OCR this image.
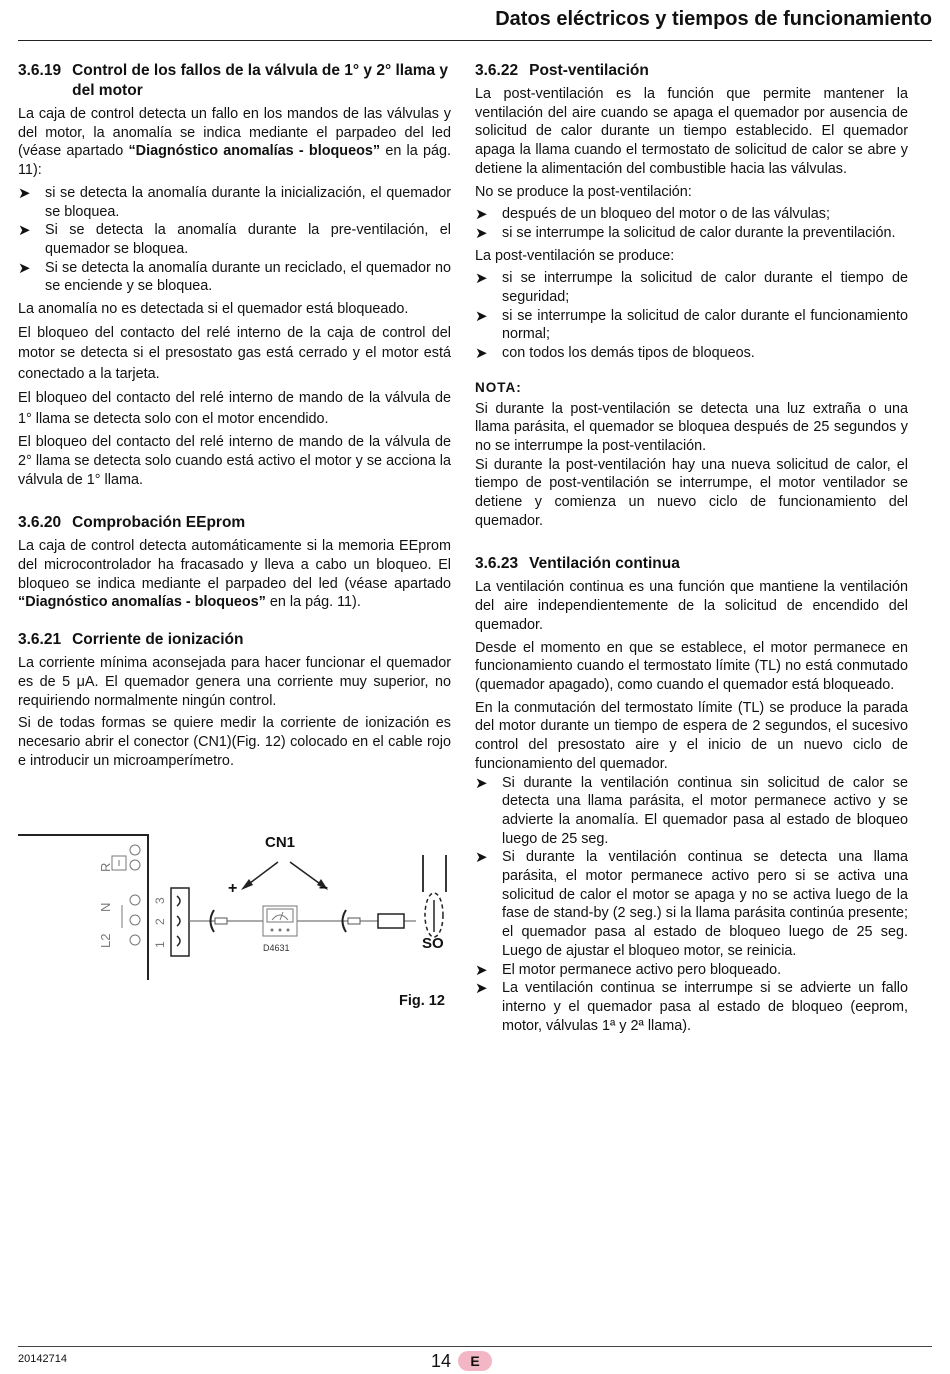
Datos eléctricos y tiempos de funcionamiento
3.6.19 Control de los fallos de la válvula de 1° y 2° llama y del motor

La caja de control detecta un fallo en los mandos de las válvulas y del motor, la anomalía se indica mediante el parpadeo del led (véase apartado “Diagnóstico anomalías - bloqueos” en la pág. 11):

➤ si se detecta la anomalía durante la inicialización, el quemador se bloquea.
➤ Si se detecta la anomalía durante la pre-ventilación, el quemador se bloquea.
➤ Si se detecta la anomalía durante un reciclado, el quemador no se enciende y se bloquea.

La anomalía no es detectada si el quemador está bloqueado.

El bloqueo del contacto del relé interno de la caja de control del motor se detecta si el presostato gas está cerrado y el motor está conectado a la tarjeta.

El bloqueo del contacto del relé interno de mando de la válvula de 1° llama se detecta solo con el motor encendido.

El bloqueo del contacto del relé interno de mando de la válvula de 2° llama se detecta solo cuando está activo el motor y se acciona la válvula de 1° llama.

3.6.20 Comprobación EEprom

La caja de control detecta automáticamente si la memoria EEprom del microcontrolador ha fracasado y lleva a cabo un bloqueo. El bloqueo se indica mediante el parpadeo del led (véase apartado “Diagnóstico anomalías - bloqueos” en la pág. 11).

3.6.21 Corriente de ionización

La corriente mínima aconsejada para hacer funcionar el quemador es de 5 μA. El quemador genera una corriente muy superior, no requiriendo normalmente ningún control.

Si de todas formas se quiere medir la corriente de ionización es necesario abrir el conector (CN1)(Fig. 12) colocado en el cable rojo e introducir un microamperímetro.

R
N
L2
3
2
1	D4631
CN1
+	–
SO
Fig. 12
3.6.22 Post-ventilación

La post-ventilación es la función que permite mantener la ventilación del aire cuando se apaga el quemador por ausencia de solicitud de calor durante un tiempo establecido. El quemador apaga la llama cuando el termostato de solicitud de calor se abre y detiene la alimentación del combustible hacia las válvulas.

No se produce la post-ventilación:

➤ después de un bloqueo del motor o de las válvulas;
➤ si se interrumpe la solicitud de calor durante la preventilación.

La post-ventilación se produce:

➤ si se interrumpe la solicitud de calor durante el tiempo de seguridad;
➤ si se interrumpe la solicitud de calor durante el funcionamiento normal;
➤ con todos los demás tipos de bloqueos.
NOTA:

Si durante la post-ventilación se detecta una luz extraña o una llama parásita, el quemador se bloquea después de 25 segundos y no se interrumpe la post-ventilación.

Si durante la post-ventilación hay una nueva solicitud de calor, el tiempo de post-ventilación se interrumpe, el motor ventilador se detiene y comienza un nuevo ciclo de funcionamiento del quemador.

3.6.23 Ventilación continua

La ventilación continua es una función que mantiene la ventilación del aire independientemente de la solicitud de encendido del quemador.

Desde el momento en que se establece, el motor permanece en funcionamiento cuando el termostato límite (TL) no está conmutado (quemador apagado), como cuando el quemador está bloqueado.

En la conmutación del termostato límite (TL) se produce la parada del motor durante un tiempo de espera de 2 segundos, el sucesivo control del presostato aire y el inicio de un nuevo ciclo de funcionamiento del quemador.

➤ Si durante la ventilación continua sin solicitud de calor se detecta una llama parásita, el motor permanece activo y se advierte la anomalía. El quemador pasa al estado de bloqueo luego de 25 seg.
➤ Si durante la ventilación continua se detecta una llama parásita, el motor permanece activo pero si se activa una solicitud de calor el motor se apaga y no se activa luego de la fase de stand-by (2 seg.) si la llama parásita continúa presente; el quemador pasa al estado de bloqueo luego de 25 seg. Luego de ajustar el bloqueo motor, se reinicia.
➤ El motor permanece activo pero bloqueado.
➤ La ventilación continua se interrumpe si se advierte un fallo interno y el quemador pasa al estado de bloqueo (eeprom, motor, válvulas 1ª y 2ª llama).
20142714	14	E
